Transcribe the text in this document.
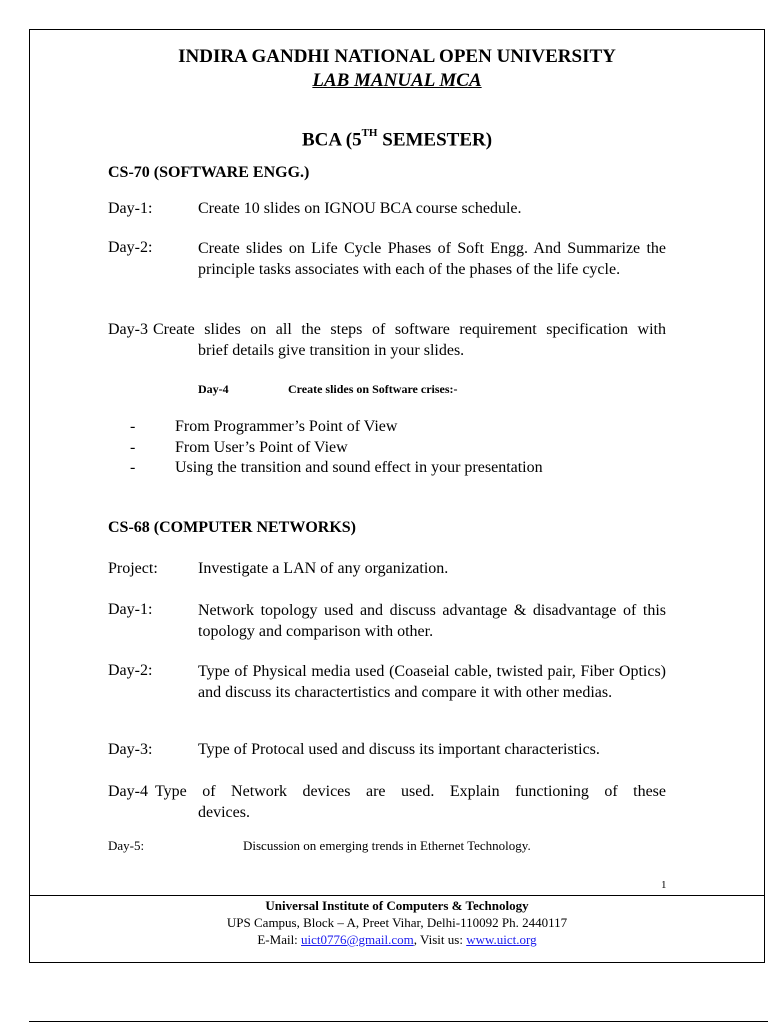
INDIRA GANDHI NATIONAL OPEN UNIVERSITY
LAB MANUAL MCA
BCA (5TH SEMESTER)
CS-70 (SOFTWARE ENGG.)
Day-1:	Create 10 slides on IGNOU BCA course schedule.
Day-2:	Create slides on Life Cycle Phases of Soft Engg. And Summarize the principle tasks associates with each of the phases of the life cycle.
Day-3 Create slides on all the steps of software requirement specification with
brief details give transition in your slides.
Day-4	Create slides on Software crises:-
- From Programmer’s Point of View
- From User’s Point of View
- Using the transition and sound effect in your presentation
CS-68 (COMPUTER NETWORKS)
Project:	Investigate a LAN of any organization.
Day-1:	Network topology used and discuss advantage & disadvantage of this topology and comparison with other.
Day-2:	Type of Physical media used (Coaseial cable, twisted pair, Fiber Optics) and discuss its charactertistics and compare it with other medias.
Day-3:	Type of Protocal used and discuss its important characteristics.
Day-4 Type of Network devices are used. Explain functioning of these
devices.
Day-5:	Discussion on emerging trends in Ethernet Technology.
1
Universal Institute of Computers & Technology
UPS Campus, Block – A, Preet Vihar, Delhi-110092 Ph. 2440117
E-Mail: uict0776@gmail.com, Visit us: www.uict.org
